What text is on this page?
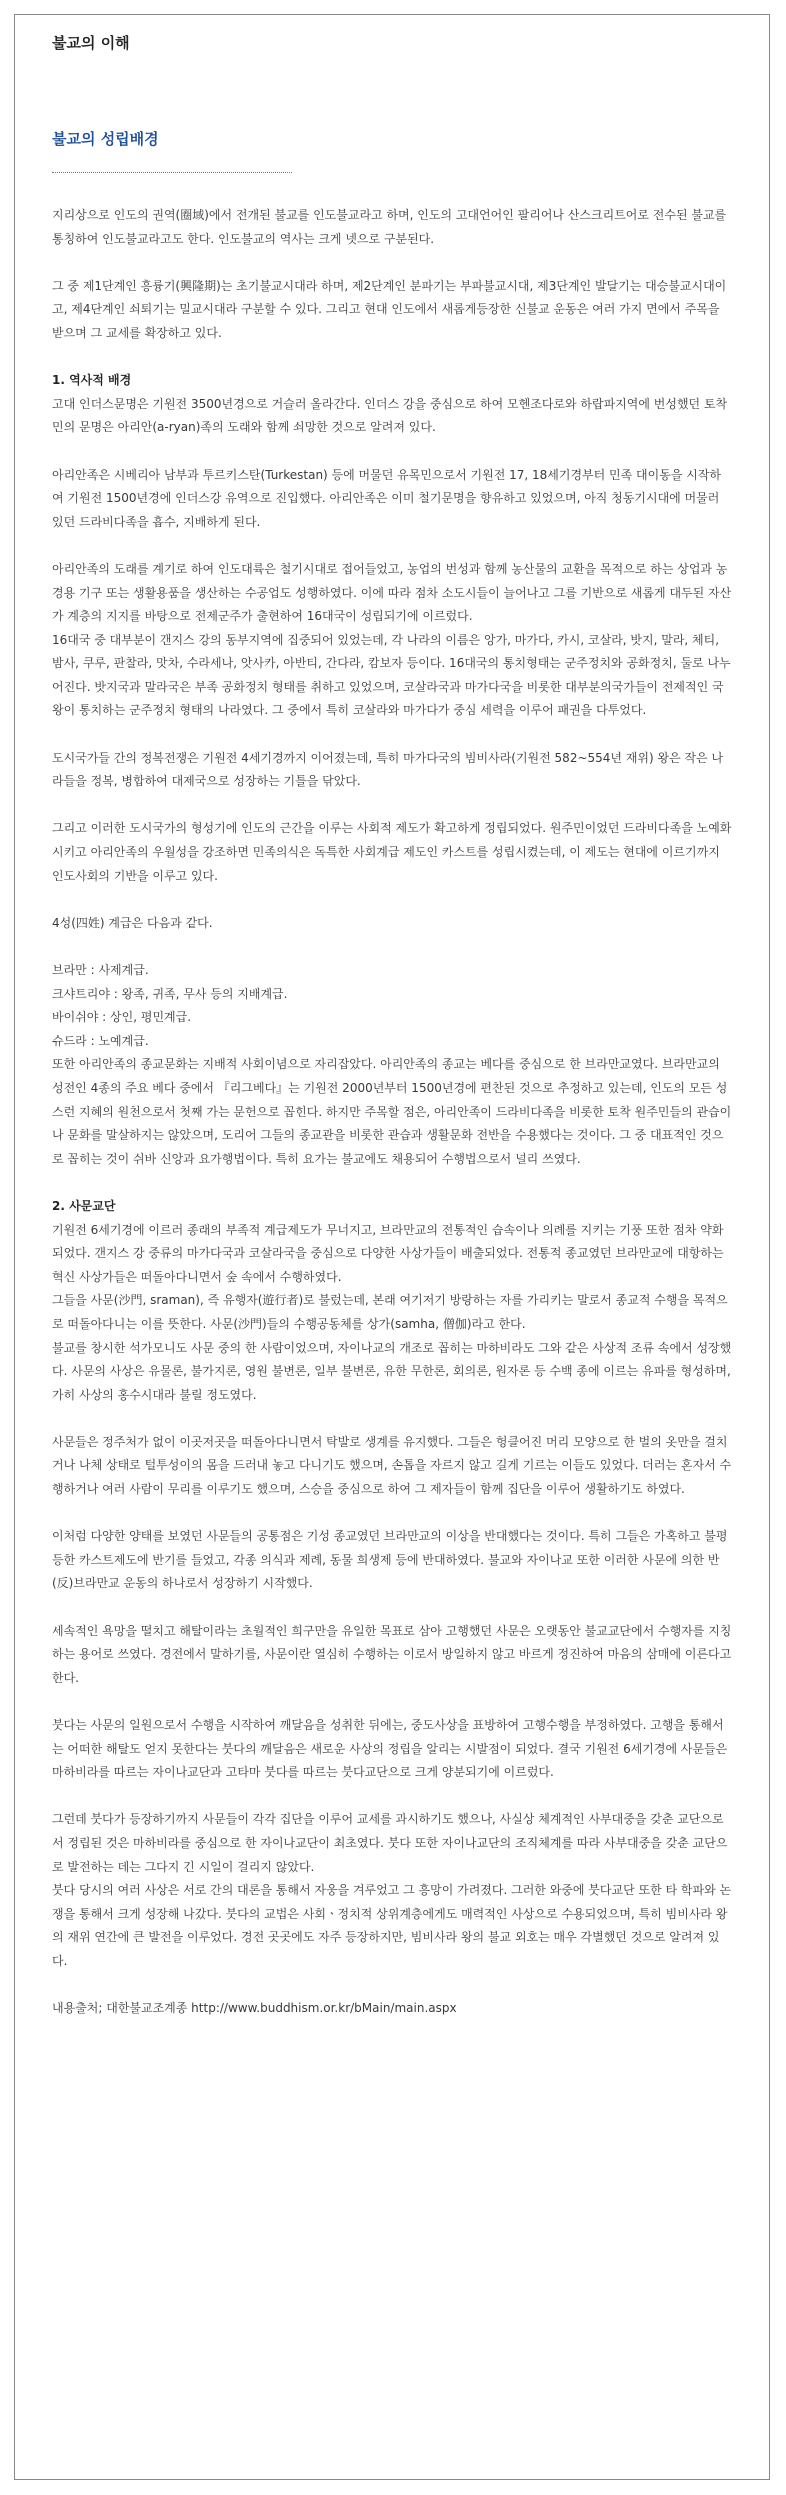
불교의 이해
불교의 성립배경

지리상으로 인도의 권역(圈域)에서 전개된 불교를 인도불교라고 하며, 인도의 고대언어인 팔리어나 산스크리트어로 전수된 불교를 통칭하여 인도불교라고도 한다. 인도불교의 역사는 크게 넷으로 구분된다.

그 중 제1단계인 흥륭기(興隆期)는 초기불교시대라 하며, 제2단계인 분파기는 부파불교시대, 제3단계인 발달기는 대승불교시대이고, 제4단계인 쇠퇴기는 밀교시대라 구분할 수 있다. 그리고 현대 인도에서 새롭게등장한 신불교 운동은 여러 가지 면에서 주목을 받으며 그 교세를 확장하고 있다.

1. 역사적 배경

고대 인더스문명은 기원전 3500년경으로 거슬러 올라간다. 인더스 강을 중심으로 하여 모헨조다로와 하랍파지역에 번성했던 토착민의 문명은 아리안(a-ryan)족의 도래와 함께 쇠망한 것으로 알려져 있다.

아리안족은 시베리아 남부과 투르키스탄(Turkestan) 등에 머물던 유목민으로서 기원전 17, 18세기경부터 민족 대이동을 시작하여 기원전 1500년경에 인더스강 유역으로 진입했다. 아리안족은 이미 철기문명을 향유하고 있었으며, 아직 청동기시대에 머물러 있던 드라비다족을 흡수, 지배하게 된다.

아리안족의 도래를 계기로 하여 인도대륙은 철기시대로 접어들었고, 농업의 번성과 함께 농산물의 교환을 목적으로 하는 상업과 농경용 기구 또는 생활용품을 생산하는 수공업도 성행하였다. 이에 따라 점차 소도시들이 늘어나고 그를 기반으로 새롭게 대두된 자산가 계층의 지지를 바탕으로 전제군주가 출현하여 16대국이 성립되기에 이르렀다.

16대국 중 대부분이 갠지스 강의 동부지역에 집중되어 있었는데, 각 나라의 이름은 앙가, 마가다, 카시, 코살라, 밧지, 말라, 체티, 밤사, 쿠루, 판찰라, 맛차, 수라세나, 앗사카, 아반티, 간다라, 캄보자 등이다. 16대국의 통치형태는 군주정치와 공화정치, 둘로 나누어진다. 밧지국과 말라국은 부족 공화정치 형태를 취하고 있었으며, 코살라국과 마가다국을 비롯한 대부분의국가들이 전제적인 국왕이 통치하는 군주정치 형태의 나라였다. 그 중에서 특히 코살라와 마가다가 중심 세력을 이루어 패권을 다투었다.

도시국가들 간의 정복전쟁은 기원전 4세기경까지 이어졌는데, 특히 마가다국의 빔비사라(기원전 582~554년 재위) 왕은 작은 나라들을 정복, 병합하여 대제국으로 성장하는 기틀을 닦았다.

그리고 이러한 도시국가의 형성기에 인도의 근간을 이루는 사회적 제도가 확고하게 정립되었다. 원주민이었던 드라비다족을 노예화시키고 아리안족의 우월성을 강조하면 민족의식은 독특한 사회계급 제도인 카스트를 성립시켰는데, 이 제도는 현대에 이르기까지 인도사회의 기반을 이루고 있다.

4성(四姓) 계급은 다음과 같다.

브라만 : 사제계급.

크샤트리야 : 왕족, 귀족, 무사 등의 지배계급.

바이쉬야 : 상인, 평민계급.

슈드라 : 노예계급.

또한 아리안족의 종교문화는 지배적 사회이념으로 자리잡았다. 아리안족의 종교는 베다를 중심으로 한 브라만교였다. 브라만교의 성전인 4종의 주요 베다 중에서 『리그베다』는 기원전 2000년부터 1500년경에 편찬된 것으로 추정하고 있는데, 인도의 모든 성스런 지혜의 원천으로서 첫째 가는 문헌으로 꼽힌다. 하지만 주목할 점은, 아리안족이 드라비다족을 비롯한 토착 원주민들의 관습이나 문화를 말살하지는 않았으며, 도리어 그들의 종교관을 비롯한 관습과 생활문화 전반을 수용했다는 것이다. 그 중 대표적인 것으로 꼽히는 것이 쉬바 신앙과 요가행법이다. 특히 요가는 불교에도 채용되어 수행법으로서 널리 쓰였다.

2. 사문교단

기원전 6세기경에 이르러 종래의 부족적 계급제도가 무너지고, 브라만교의 전통적인 습속이나 의례를 지키는 기풍 또한 점차 약화되었다. 갠지스 강 중류의 마가다국과 코살라국을 중심으로 다양한 사상가들이 배출되었다. 전통적 종교였던 브라만교에 대항하는 혁신 사상가들은 떠돌아다니면서 숲 속에서 수행하였다.

그들을 사문(沙門, sraman), 즉 유행자(遊行者)로 불렀는데, 본래 여기저기 방랑하는 자를 가리키는 말로서 종교적 수행을 목적으로 떠돌아다니는 이를 뜻한다. 사문(沙門)들의 수행공동체를 상가(samha, 僧伽)라고 한다.

불교를 창시한 석가모니도 사문 중의 한 사람이었으며, 자이나교의 개조로 꼽히는 마하비라도 그와 같은 사상적 조류 속에서 성장했다. 사문의 사상은 유물론, 불가지론, 영원 불변론, 일부 불변론, 유한 무한론, 회의론, 원자론 등 수백 종에 이르는 유파를 형성하며, 가히 사상의 홍수시대라 불릴 정도였다.

사문들은 정주처가 없이 이곳저곳을 떠돌아다니면서 탁발로 생계를 유지했다. 그들은 헝클어진 머리 모양으로 한 벌의 옷만을 걸치거나 나체 상태로 털투성이의 몸을 드러내 놓고 다니기도 했으며, 손톱을 자르지 않고 길게 기르는 이들도 있었다. 더러는 혼자서 수행하거나 여러 사람이 무리를 이루기도 했으며, 스승을 중심으로 하여 그 제자들이 함께 집단을 이루어 생활하기도 하였다.

이처럼 다양한 양태를 보였던 사문들의 공통점은 기성 종교였던 브라만교의 이상을 반대했다는 것이다. 특히 그들은 가혹하고 불평등한 카스트제도에 반기를 들었고, 각종 의식과 제례, 동물 희생제 등에 반대하였다. 불교와 자이나교 또한 이러한 사문에 의한 반(反)브라만교 운동의 하나로서 성장하기 시작했다.

세속적인 욕망을 떨치고 해탈이라는 초월적인 희구만을 유일한 목표로 삼아 고행했던 사문은 오랫동안 불교교단에서 수행자를 지칭하는 용어로 쓰였다. 경전에서 말하기를, 사문이란 열심히 수행하는 이로서 방일하지 않고 바르게 정진하여 마음의 삼매에 이른다고 한다.

붓다는 사문의 일원으로서 수행을 시작하여 깨달음을 성취한 뒤에는, 중도사상을 표방하여 고행수행을 부정하였다. 고행을 통해서는 어떠한 해탈도 얻지 못한다는 붓다의 깨달음은 새로운 사상의 정립을 알리는 시발점이 되었다. 결국 기원전 6세기경에 사문들은 마하비라를 따르는 자이나교단과 고타마 붓다를 따르는 붓다교단으로 크게 양분되기에 이르렀다.

그런데 붓다가 등장하기까지 사문들이 각각 집단을 이루어 교세를 과시하기도 했으나, 사실상 체계적인 사부대중을 갖춘 교단으로서 정립된 것은 마하비라를 중심으로 한 자이나교단이 최초였다. 붓다 또한 자이나교단의 조직체계를 따라 사부대중을 갖춘 교단으로 발전하는 데는 그다지 긴 시일이 걸리지 않았다.

붓다 당시의 여러 사상은 서로 간의 대론을 통해서 자웅을 겨루었고 그 흥망이 가려졌다. 그러한 와중에 붓다교단 또한 타 학파와 논쟁을 통해서 크게 성장해 나갔다. 붓다의 교법은 사회ㆍ정치적 상위계층에게도 매력적인 사상으로 수용되었으며, 특히 빔비사라 왕의 재위 연간에 큰 발전을 이루었다. 경전 곳곳에도 자주 등장하지만, 빔비사라 왕의 불교 외호는 매우 각별했던 것으로 알려져 있다.

내용출처; 대한불교조계종 http://www.buddhism.or.kr/bMain/main.aspx
